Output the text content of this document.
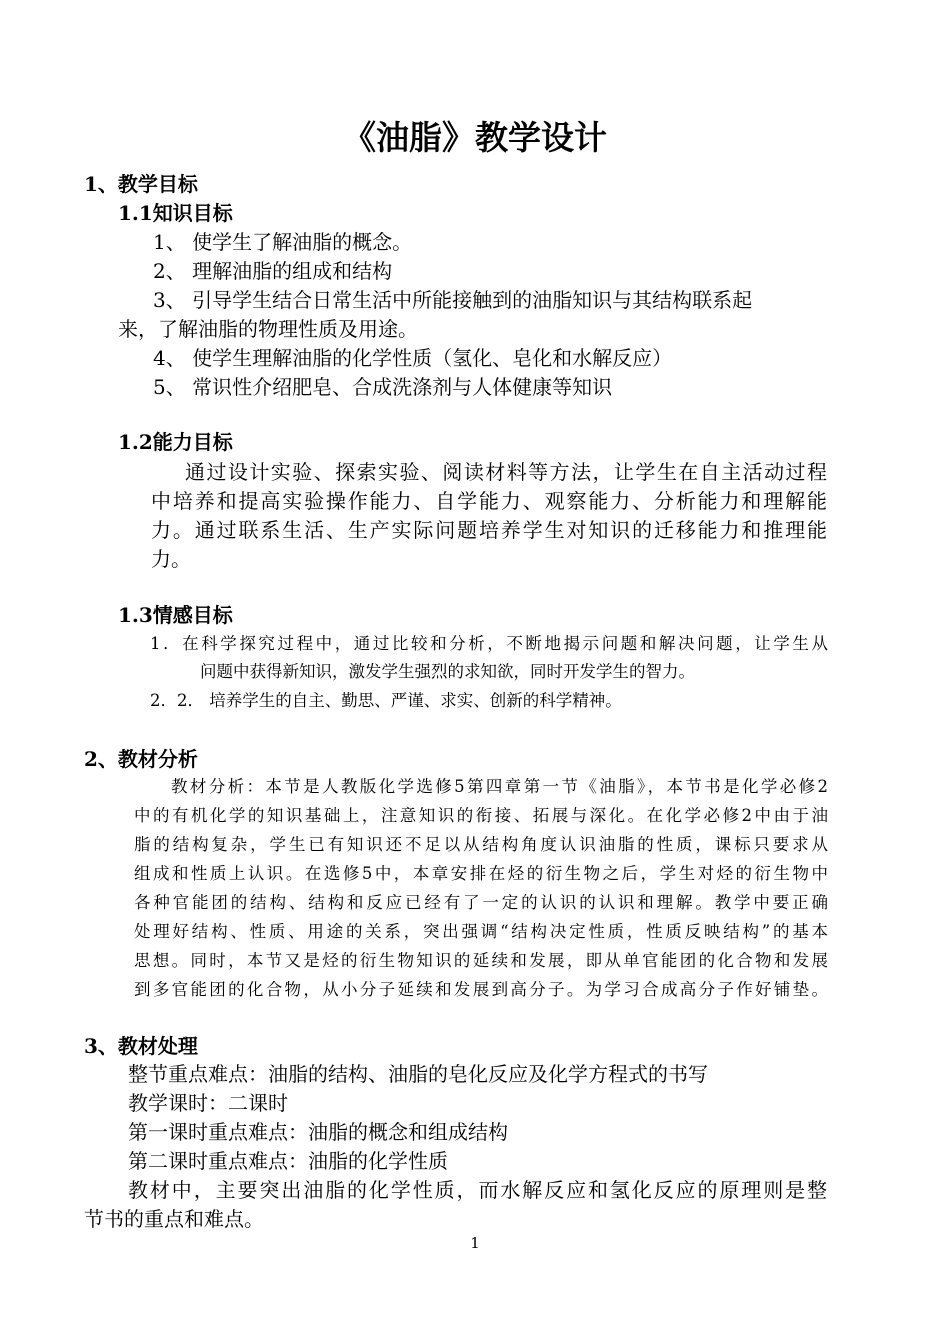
《油脂》教学设计
1、教学目标
1.1知识目标
1、 使学生了解油脂的概念。
2、 理解油脂的组成和结构
3、 引导学生结合日常生活中所能接触到的油脂知识与其结构联系起
来，了解油脂的物理性质及用途。
4、 使学生理解油脂的化学性质（氢化、皂化和水解反应）
5、 常识性介绍肥皂、合成洗涤剂与人体健康等知识
1.2能力目标
通过设计实验、探索实验、阅读材料等方法，让学生在自主活动过程
中培养和提高实验操作能力、自学能力、观察能力、分析能力和理解能
力。通过联系生活、生产实际问题培养学生对知识的迁移能力和推理能
力。
1.3情感目标
1．在科学探究过程中，通过比较和分析，不断地揭示问题和解决问题，让学生从
问题中获得新知识，激发学生强烈的求知欲，同时开发学生的智力。
2．2． 培养学生的自主、勤思、严谨、求实、创新的科学精神。
2、教材分析
教材分析：本节是人教版化学选修5第四章第一节《油脂》，本节书是化学必修2
中的有机化学的知识基础上，注意知识的衔接、拓展与深化。在化学必修2中由于油
脂的结构复杂，学生已有知识还不足以从结构角度认识油脂的性质，课标只要求从
组成和性质上认识。在选修5中，本章安排在烃的衍生物之后，学生对烃的衍生物中
各种官能团的结构、结构和反应已经有了一定的认识的认识和理解。教学中要正确
处理好结构、性质、用途的关系，突出强调“结构决定性质，性质反映结构”的基本
思想。同时，本节又是烃的衍生物知识的延续和发展，即从单官能团的化合物和发展
到多官能团的化合物，从小分子延续和发展到高分子。为学习合成高分子作好铺垫。
3、教材处理
整节重点难点：油脂的结构、油脂的皂化反应及化学方程式的书写
教学课时：二课时
第一课时重点难点：油脂的概念和组成结构
第二课时重点难点：油脂的化学性质
教材中，主要突出油脂的化学性质，而水解反应和氢化反应的原理则是整
节书的重点和难点。
1
